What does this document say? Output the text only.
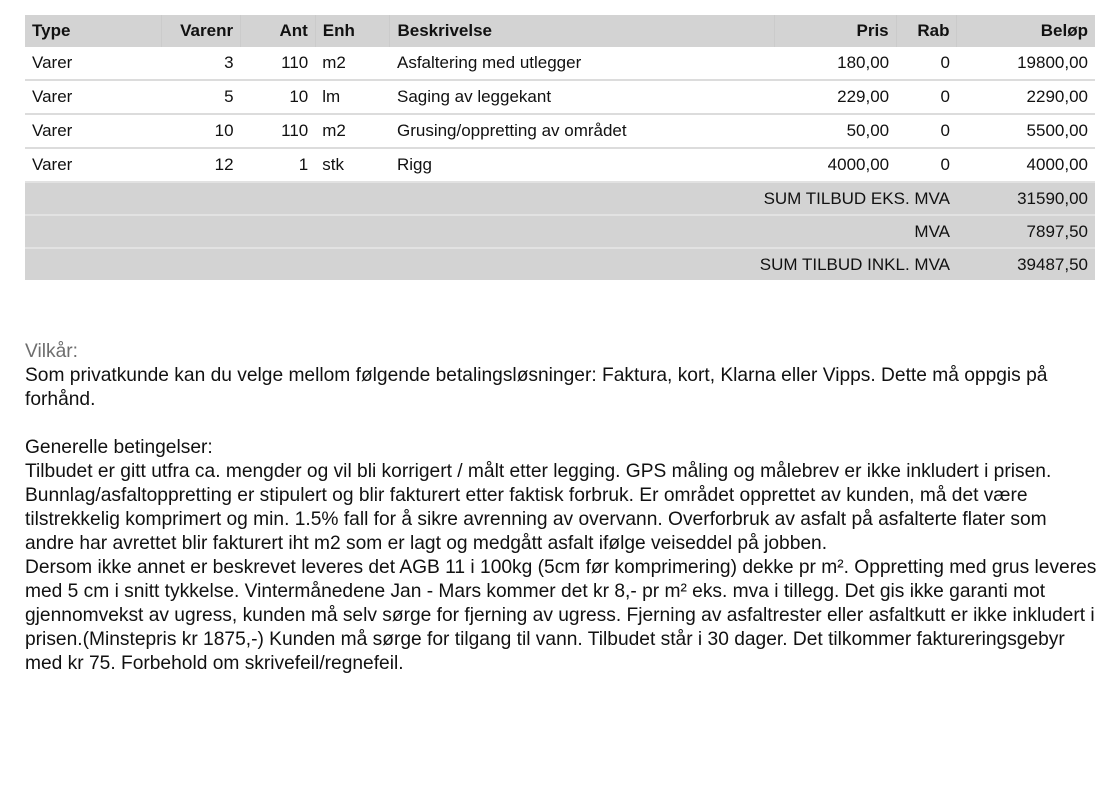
Type	Varenr	Ant	Enh	Beskrivelse	Pris	Rab	Beløp
Varer	3	110	m2	Asfaltering med utlegger	180,00	0	19800,00
Varer	5	10	lm	Saging av leggekant	229,00	0	2290,00
Varer	10	110	m2	Grusing/oppretting av området	50,00	0	5500,00
Varer	12	1	stk	Rigg	4000,00	0	4000,00
SUM TILBUD EKS. MVA							31590,00
MVA							7897,50
SUM TILBUD INKL. MVA							39487,50

Vilkår:

Som privatkunde kan du velge mellom følgende betalingsløsninger: Faktura, kort, Klarna eller Vipps. Dette må oppgis på forhånd.

Generelle betingelser:

Tilbudet er gitt utfra ca. mengder og vil bli korrigert / målt etter legging. GPS måling og målebrev er ikke inkludert i prisen. Bunnlag/asfaltoppretting er stipulert og blir fakturert etter faktisk forbruk. Er området opprettet av kunden, må det være tilstrekkelig komprimert og min. 1.5% fall for å sikre avrenning av overvann. Overforbruk av asfalt på asfalterte flater som andre har avrettet blir fakturert iht m2 som er lagt og medgått asfalt ifølge veiseddel på jobben.

Dersom ikke annet er beskrevet leveres det AGB 11 i 100kg (5cm før komprimering) dekke pr m². Oppretting med grus leveres med 5 cm i snitt tykkelse. Vintermånedene Jan - Mars kommer det kr 8,- pr m² eks. mva i tillegg. Det gis ikke garanti mot gjennomvekst av ugress, kunden må selv sørge for fjerning av ugress. Fjerning av asfaltrester eller asfaltkutt er ikke inkludert i prisen.(Minstepris kr 1875,-) Kunden må sørge for tilgang til vann. Tilbudet står i 30 dager. Det tilkommer faktureringsgebyr med kr 75. Forbehold om skrivefeil/regnefeil.
